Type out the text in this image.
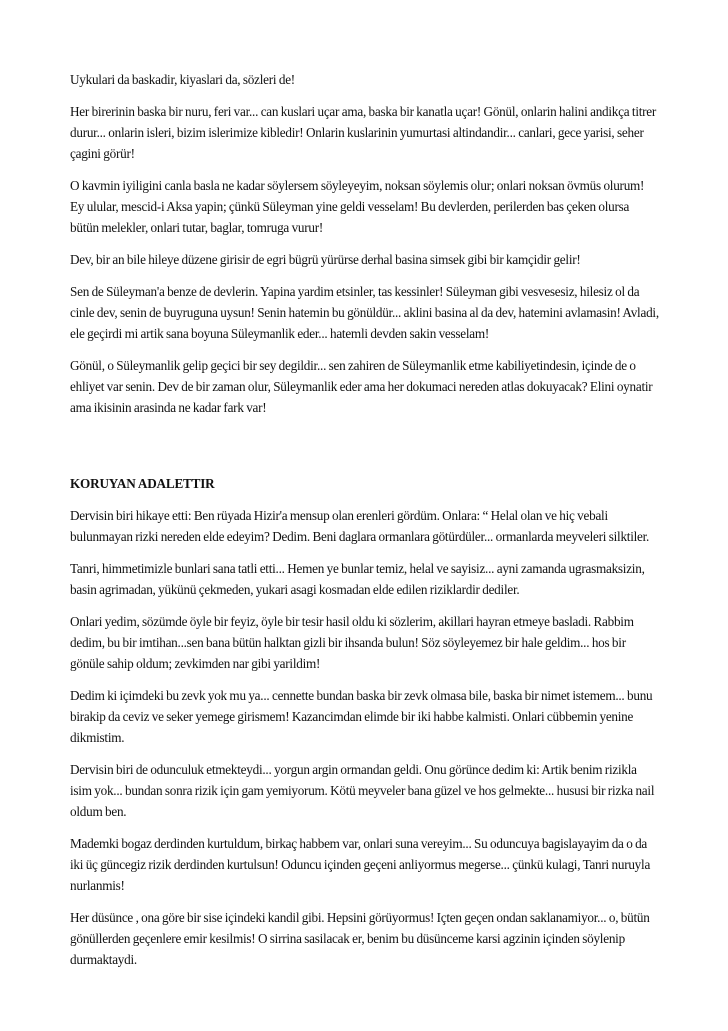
Uykulari da baskadir, kiyaslari da, sözleri de!

Her birerinin baska bir nuru, feri var... can kuslari uçar ama, baska bir kanatla uçar! Gönül, onlarin halini andikça titrer durur... onlarin isleri, bizim islerimize kibledir! Onlarin kuslarinin yumurtasi altindandir... canlari, gece yarisi, seher çagini görür!

O kavmin iyiligini canla basla ne kadar söylersem söyleyeyim, noksan söylemis olur; onlari noksan övmüs olurum! Ey ulular, mescid-i Aksa yapin; çünkü Süleyman yine geldi vesselam! Bu devlerden, perilerden bas çeken olursa bütün melekler, onlari tutar, baglar, tomruga vurur!

Dev, bir an bile hileye düzene girisir de egri bügrü yürürse derhal basina simsek gibi bir kamçidir gelir!

Sen de Süleyman'a benze de devlerin. Yapina yardim etsinler, tas kessinler! Süleyman gibi vesvesesiz, hilesiz ol da cinle dev, senin de buyruguna uysun! Senin hatemin bu gönüldür... aklini basina al da dev, hatemini avlamasin! Avladi, ele geçirdi mi artik sana boyuna Süleymanlik eder... hatemli devden sakin vesselam!

Gönül, o Süleymanlik gelip geçici bir sey degildir... sen zahiren de Süleymanlik etme kabiliyetindesin, içinde de o ehliyet var senin. Dev de bir zaman olur, Süleymanlik eder ama her dokumaci nereden atlas dokuyacak? Elini oynatir ama ikisinin arasinda ne kadar fark var!

KORUYAN ADALETTIR

Dervisin biri hikaye etti: Ben rüyada Hizir'a mensup olan erenleri gördüm. Onlara: “ Helal olan ve hiç vebali bulunmayan rizki nereden elde edeyim? Dedim. Beni daglara ormanlara götürdüler... ormanlarda meyveleri silktiler.

Tanri, himmetimizle bunlari sana tatli etti... Hemen ye bunlar temiz, helal ve sayisiz... ayni zamanda ugrasmaksizin, basin agrimadan, yükünü çekmeden, yukari asagi kosmadan elde edilen riziklardir dediler.

Onlari yedim, sözümde öyle bir feyiz, öyle bir tesir hasil oldu ki sözlerim, akillari hayran etmeye basladi. Rabbim dedim, bu bir imtihan...sen bana bütün halktan gizli bir ihsanda bulun! Söz söyleyemez bir hale geldim... hos bir gönüle sahip oldum; zevkimden nar gibi yarildim!

Dedim ki içimdeki bu zevk yok mu ya... cennette bundan baska bir zevk olmasa bile, baska bir nimet istemem... bunu birakip da ceviz ve seker yemege girismem! Kazancimdan elimde bir iki habbe kalmisti. Onlari cübbemin yenine dikmistim.

Dervisin biri de odunculuk etmekteydi... yorgun argin ormandan geldi. Onu görünce dedim ki: Artik benim rizikla isim yok... bundan sonra rizik için gam yemiyorum. Kötü meyveler bana güzel ve hos gelmekte... hususi bir rizka nail oldum ben.

Mademki bogaz derdinden kurtuldum, birkaç habbem var, onlari suna vereyim... Su oduncuya bagislayayim da o da iki üç güncegiz rizik derdinden kurtulsun! Oduncu içinden geçeni anliyormus megerse... çünkü kulagi, Tanri nuruyla nurlanmis!

Her düsünce , ona göre bir sise içindeki kandil gibi. Hepsini görüyormus! Içten geçen ondan saklanamiyor... o, bütün gönüllerden geçenlere emir kesilmis! O sirrina sasilacak er, benim bu düsünceme karsi agzinin içinden söylenip durmaktaydi.
